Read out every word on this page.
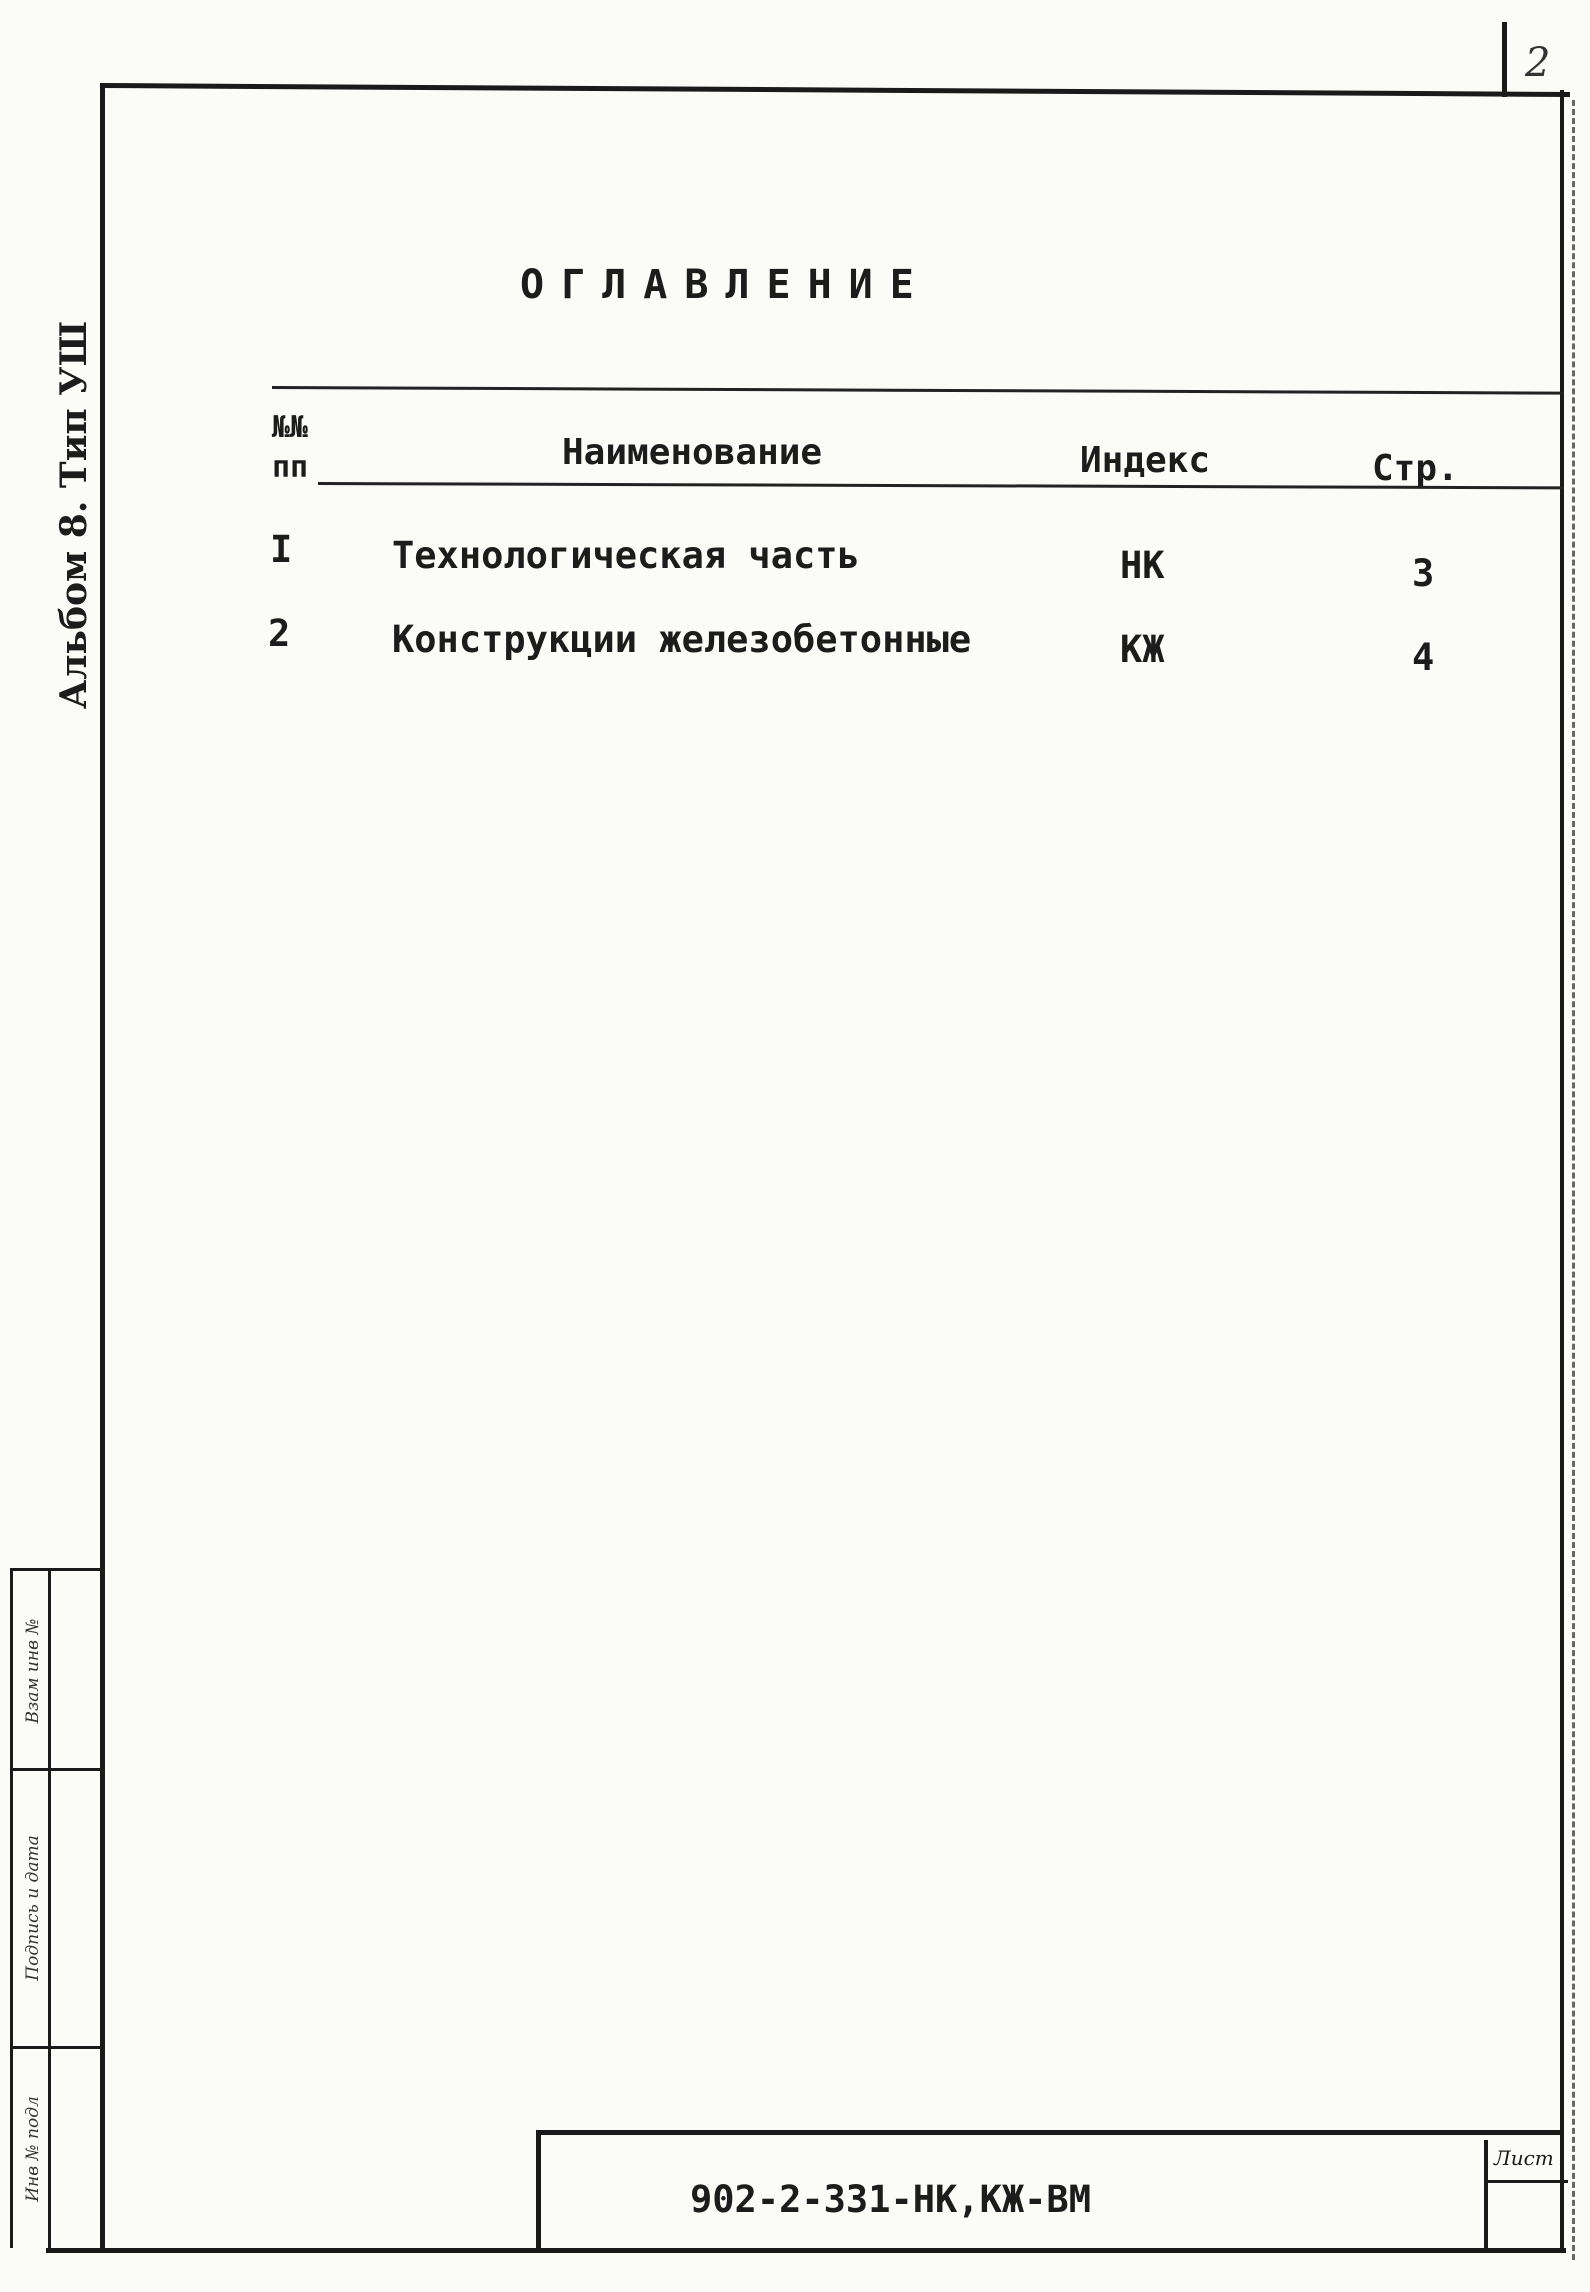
2
Альбом 8. Тип УШ
ОГЛАВЛЕНИЕ
№№
пп	Наименование	Индекс	Стр.
I	Технологическая часть	НК	3
2	Конструкции железобетонные	КЖ	4
Взам инв №
Подпись и дата
Инв № подл	Лист
902-2-331-НК,КЖ-ВМ
